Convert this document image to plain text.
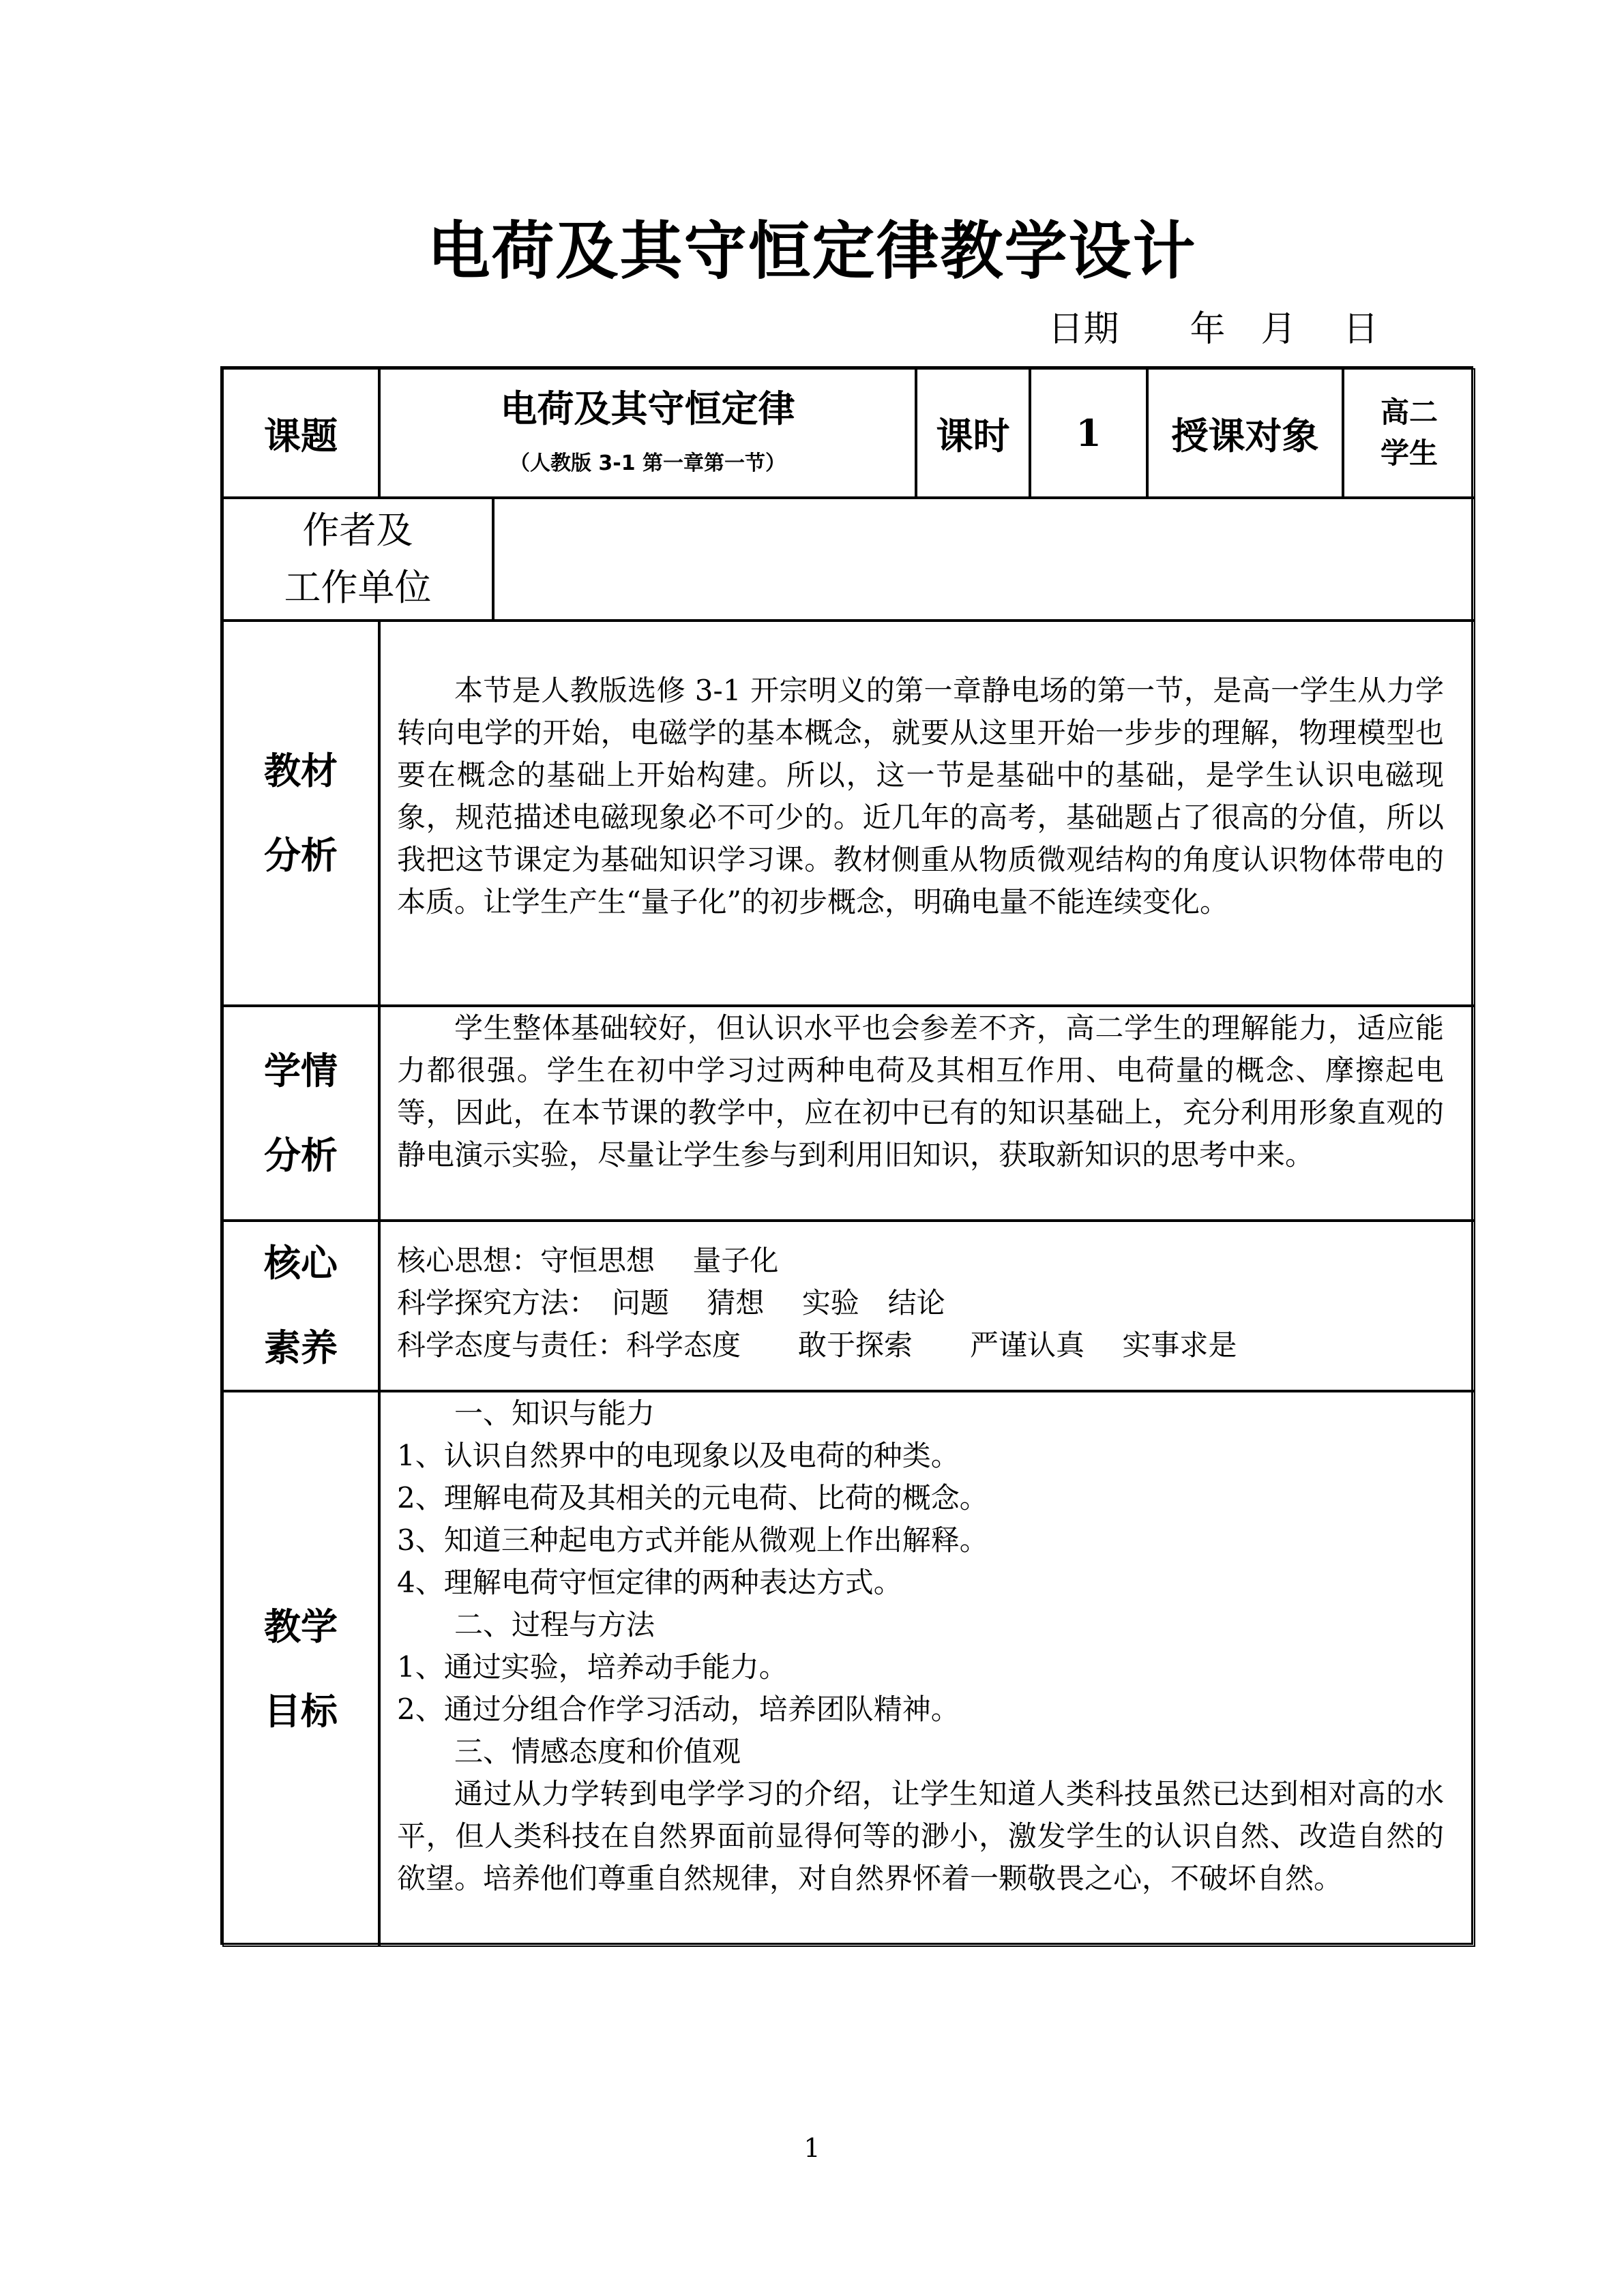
电荷及其守恒定律教学设计
日期　　年　月　 日
课题
电荷及其守恒定律
（人教版 3-1 第一章第一节）
课时 1 授课对象
高二
学生
作者及
工作单位
教材
分析
本节是人教版选修 3-1 开宗明义的第一章静电场的第一节，是高一学生从力学转向电学的开始，电磁学的基本概念，就要从这里开始一步步的理解，物理模型也要在概念的基础上开始构建。所以，这一节是基础中的基础，是学生认识电磁现象，规范描述电磁现象必不可少的。近几年的高考，基础题占了很高的分值，所以我把这节课定为基础知识学习课。教材侧重从物质微观结构的角度认识物体带电的本质。让学生产生“量子化”的初步概念，明确电量不能连续变化。
学情
分析
学生整体基础较好，但认识水平也会参差不齐，高二学生的理解能力，适应能力都很强。学生在初中学习过两种电荷及其相互作用、电荷量的概念、摩擦起电等，因此，在本节课的教学中，应在初中已有的知识基础上，充分利用形象直观的静电演示实验，尽量让学生参与到利用旧知识，获取新知识的思考中来。
核心
素养
核心思想：守恒思想　 量子化
科学探究方法：　问题　 猜想　 实验　结论
科学态度与责任：科学态度　　敢于探索　　严谨认真　 实事求是
教学
目标
一、知识与能力
1、认识自然界中的电现象以及电荷的种类。
2、理解电荷及其相关的元电荷、比荷的概念。
3、知道三种起电方式并能从微观上作出解释。
4、理解电荷守恒定律的两种表达方式。
二、过程与方法
1、通过实验，培养动手能力。
2、通过分组合作学习活动，培养团队精神。
三、情感态度和价值观
通过从力学转到电学学习的介绍，让学生知道人类科技虽然已达到相对高的水平，但人类科技在自然界面前显得何等的渺小，激发学生的认识自然、改造自然的欲望。培养他们尊重自然规律，对自然界怀着一颗敬畏之心，不破坏自然。
1
